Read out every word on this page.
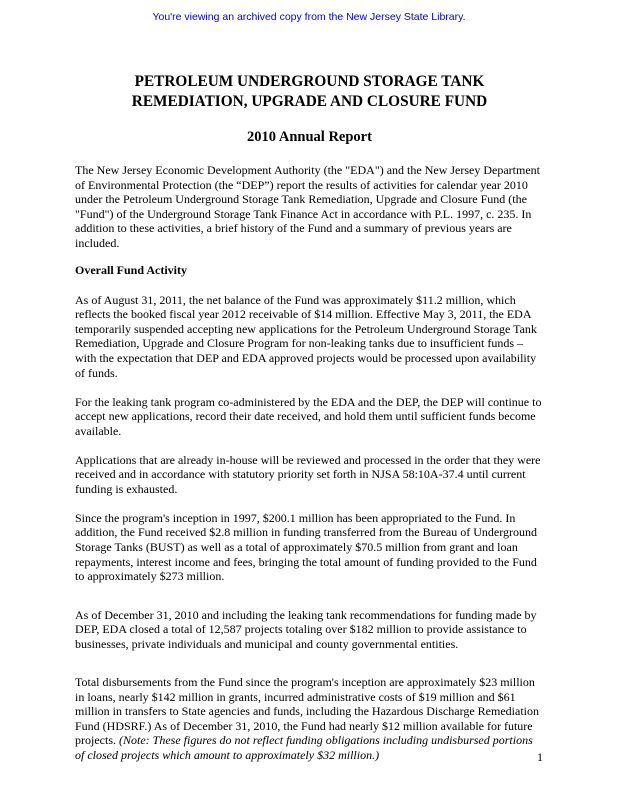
You're viewing an archived copy from the New Jersey State Library.
PETROLEUM UNDERGROUND STORAGE TANK
REMEDIATION, UPGRADE AND CLOSURE FUND
2010 Annual Report

The New Jersey Economic Development Authority (the "EDA") and the New Jersey Department of Environmental Protection (the “DEP”) report the results of activities for calendar year 2010 under the Petroleum Underground Storage Tank Remediation, Upgrade and Closure Fund (the "Fund") of the Underground Storage Tank Finance Act in accordance with P.L. 1997, c. 235. In addition to these activities, a brief history of the Fund and a summary of previous years are included.

Overall Fund Activity

As of August 31, 2011, the net balance of the Fund was approximately $11.2 million, which reflects the booked fiscal year 2012 receivable of $14 million. Effective May 3, 2011, the EDA temporarily suspended accepting new applications for the Petroleum Underground Storage Tank Remediation, Upgrade and Closure Program for non-leaking tanks due to insufficient funds – with the expectation that DEP and EDA approved projects would be processed upon availability of funds.

For the leaking tank program co-administered by the EDA and the DEP, the DEP will continue to accept new applications, record their date received, and hold them until sufficient funds become available.

Applications that are already in-house will be reviewed and processed in the order that they were received and in accordance with statutory priority set forth in NJSA 58:10A-37.4 until current funding is exhausted.

Since the program's inception in 1997, $200.1 million has been appropriated to the Fund. In addition, the Fund received $2.8 million in funding transferred from the Bureau of Underground Storage Tanks (BUST) as well as a total of approximately $70.5 million from grant and loan repayments, interest income and fees, bringing the total amount of funding provided to the Fund to approximately $273 million.

As of December 31, 2010 and including the leaking tank recommendations for funding made by DEP, EDA closed a total of 12,587 projects totaling over $182 million to provide assistance to businesses, private individuals and municipal and county governmental entities.

Total disbursements from the Fund since the program's inception are approximately $23 million in loans, nearly $142 million in grants, incurred administrative costs of $19 million and $61 million in transfers to State agencies and funds, including the Hazardous Discharge Remediation Fund (HDSRF.) As of December 31, 2010, the Fund had nearly $12 million available for future projects. (Note: These figures do not reflect funding obligations including undisbursed portions of closed projects which amount to approximately $32 million.)	1
